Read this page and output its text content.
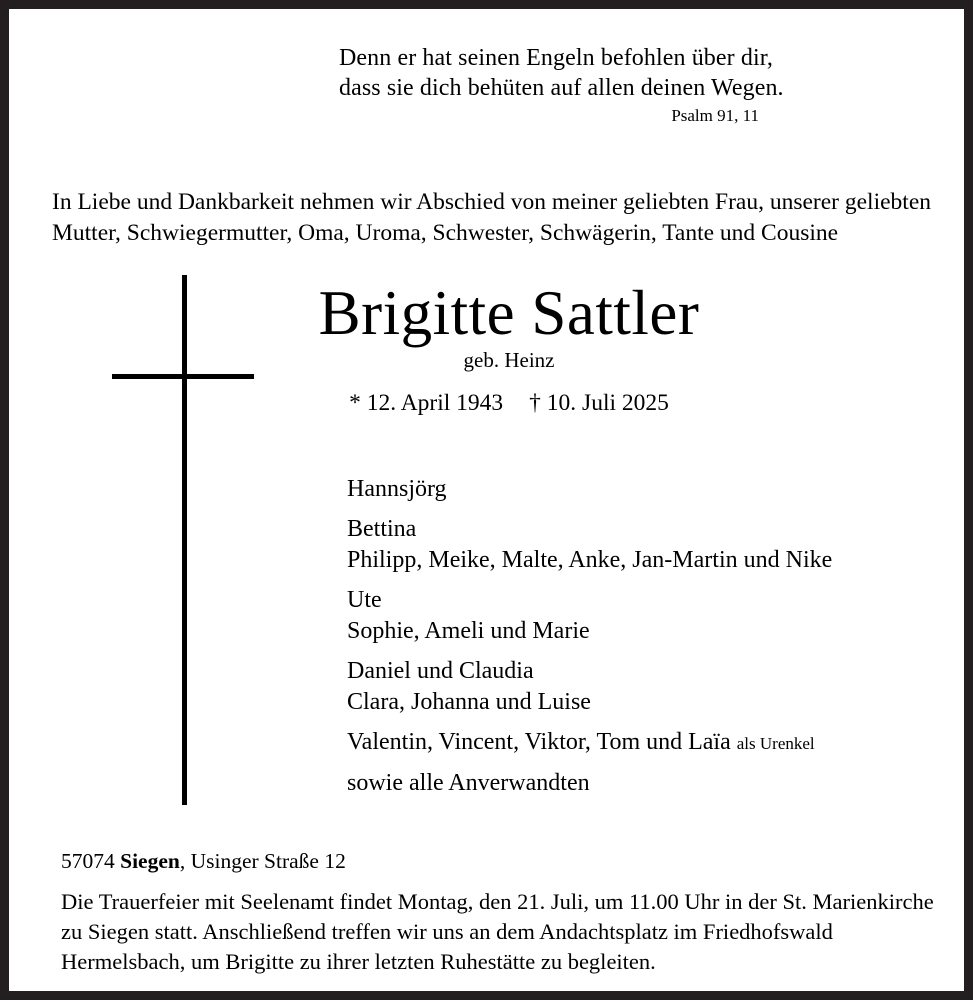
Denn er hat seinen Engeln befohlen über dir,
dass sie dich behüten auf allen deinen Wegen.
Psalm 91, 11
In Liebe und Dankbarkeit nehmen wir Abschied von meiner geliebten Frau, unserer geliebten
Mutter, Schwiegermutter, Oma, Uroma, Schwester, Schwägerin, Tante und Cousine
Brigitte Sattler
geb. Heinz
* 12. April 1943 † 10. Juli 2025
Hannsjörg
Bettina
Philipp, Meike, Malte, Anke, Jan-Martin und Nike
Ute
Sophie, Ameli und Marie
Daniel und Claudia
Clara, Johanna und Luise
Valentin, Vincent, Viktor, Tom und Laïa als Urenkel
sowie alle Anverwandten
57074 Siegen, Usinger Straße 12
Die Trauerfeier mit Seelenamt findet Montag, den 21. Juli, um 11.00 Uhr in der St. Marienkirche
zu Siegen statt. Anschließend treffen wir uns an dem Andachtsplatz im Friedhofswald
Hermelsbach, um Brigitte zu ihrer letzten Ruhestätte zu begleiten.
